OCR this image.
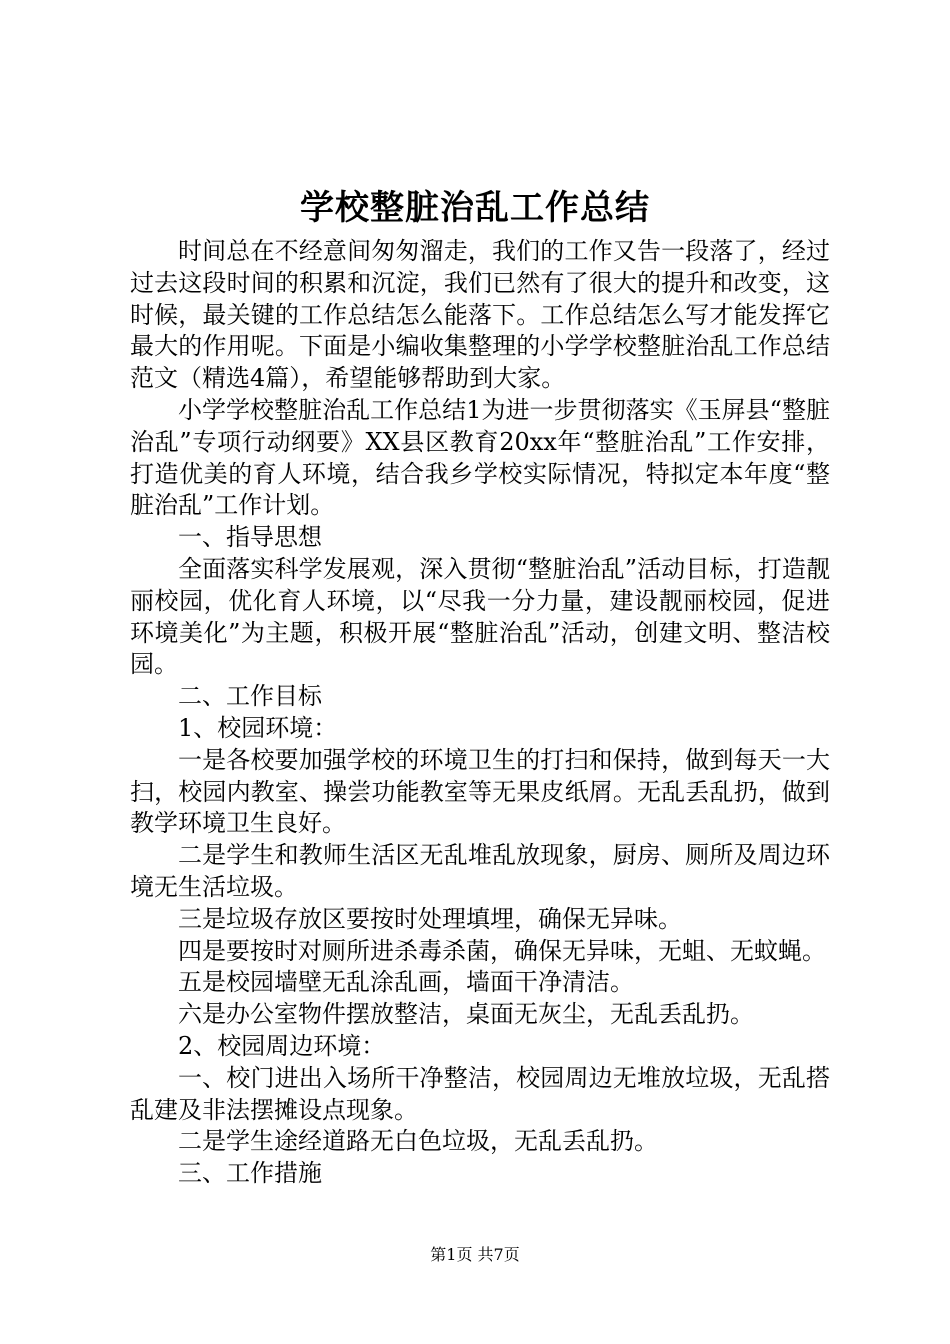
学校整脏治乱工作总结

时间总在不经意间匆匆溜走，我们的工作又告一段落了，经过过去这段时间的积累和沉淀，我们已然有了很大的提升和改变，这时候，最关键的工作总结怎么能落下。工作总结怎么写才能发挥它最大的作用呢。下面是小编收集整理的小学学校整脏治乱工作总结范文（精选4篇），希望能够帮助到大家。

小学学校整脏治乱工作总结1为进一步贯彻落实《玉屏县“整脏治乱”专项行动纲要》XX县区教育20xx年“整脏治乱”工作安排，打造优美的育人环境，结合我乡学校实际情况，特拟定本年度“整脏治乱”工作计划。

一、指导思想

全面落实科学发展观，深入贯彻“整脏治乱”活动目标，打造靓丽校园，优化育人环境，以“尽我一分力量，建设靓丽校园，促进环境美化”为主题，积极开展“整脏治乱”活动，创建文明、整洁校园。

二、工作目标

1、校园环境：

一是各校要加强学校的环境卫生的打扫和保持，做到每天一大扫，校园内教室、操尝功能教室等无果皮纸屑。无乱丢乱扔，做到教学环境卫生良好。

二是学生和教师生活区无乱堆乱放现象，厨房、厕所及周边环境无生活垃圾。

三是垃圾存放区要按时处理填埋，确保无异味。

四是要按时对厕所进杀毒杀菌，确保无异味，无蛆、无蚊蝇。

五是校园墙壁无乱涂乱画，墙面干净清洁。

六是办公室物件摆放整洁，桌面无灰尘，无乱丢乱扔。

2、校园周边环境：

一、校门进出入场所干净整洁，校园周边无堆放垃圾，无乱搭乱建及非法摆摊设点现象。

二是学生途经道路无白色垃圾，无乱丢乱扔。

三、工作措施

第1页 共7页
